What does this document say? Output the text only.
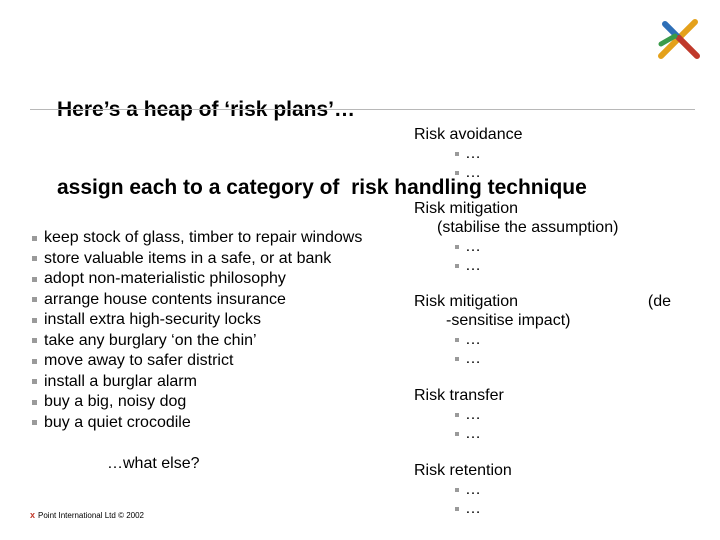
Here’s a heap of ‘risk plans’…

assign each to a category of  risk handling technique

keep stock of glass, timber to repair windows
store valuable items in a safe, or at bank
adopt non-materialistic philosophy
arrange house contents insurance
install extra high-security locks
take any burglary ‘on the chin’
move away to safer district
install a burglar alarm
buy a big, noisy dog
buy a quiet crocodile
…what else?
Risk avoidance
…
…
Risk mitigation
(stabilise the assumption)
…
…
Risk mitigation	(de
-sensitise impact)
…
…
Risk transfer
…
…
Risk retention
…
…
x Point International Ltd © 2002
